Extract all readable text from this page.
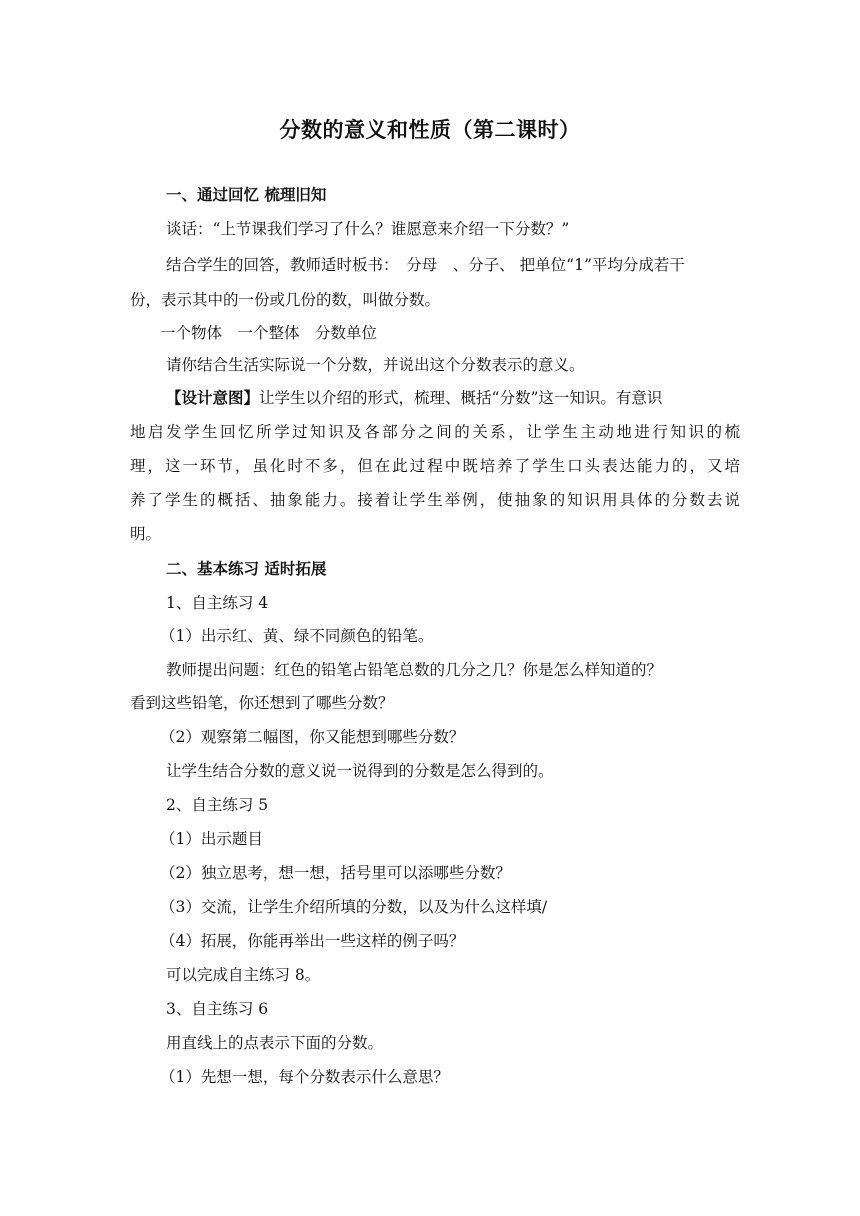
分数的意义和性质（第二课时）
一、通过回忆 梳理旧知
谈话：“上节课我们学习了什么？谁愿意来介绍一下分数？”
结合学生的回答，教师适时板书：　分母　、分子、 把单位“1”平均分成若干
份，表示其中的一份或几份的数，叫做分数。
一个物体　一个整体　分数单位
请你结合生活实际说一个分数，并说出这个分数表示的意义。
【设计意图】让学生以介绍的形式，梳理、概括“分数”这一知识。有意识
地启发学生回忆所学过知识及各部分之间的关系，让学生主动地进行知识的梳
理，这一环节，虽化时不多，但在此过程中既培养了学生口头表达能力的，又培
养了学生的概括、抽象能力。接着让学生举例，使抽象的知识用具体的分数去说
明。
二、基本练习 适时拓展
1、自主练习 4
（1）出示红、黄、绿不同颜色的铅笔。
教师提出问题：红色的铅笔占铅笔总数的几分之几？你是怎么样知道的？
看到这些铅笔，你还想到了哪些分数？
（2）观察第二幅图，你又能想到哪些分数？
让学生结合分数的意义说一说得到的分数是怎么得到的。
2、自主练习 5
（1）出示题目
（2）独立思考，想一想，括号里可以添哪些分数？
（3）交流，让学生介绍所填的分数，以及为什么这样填/
（4）拓展，你能再举出一些这样的例子吗？
可以完成自主练习 8。
3、自主练习 6
用直线上的点表示下面的分数。
（1）先想一想，每个分数表示什么意思？
